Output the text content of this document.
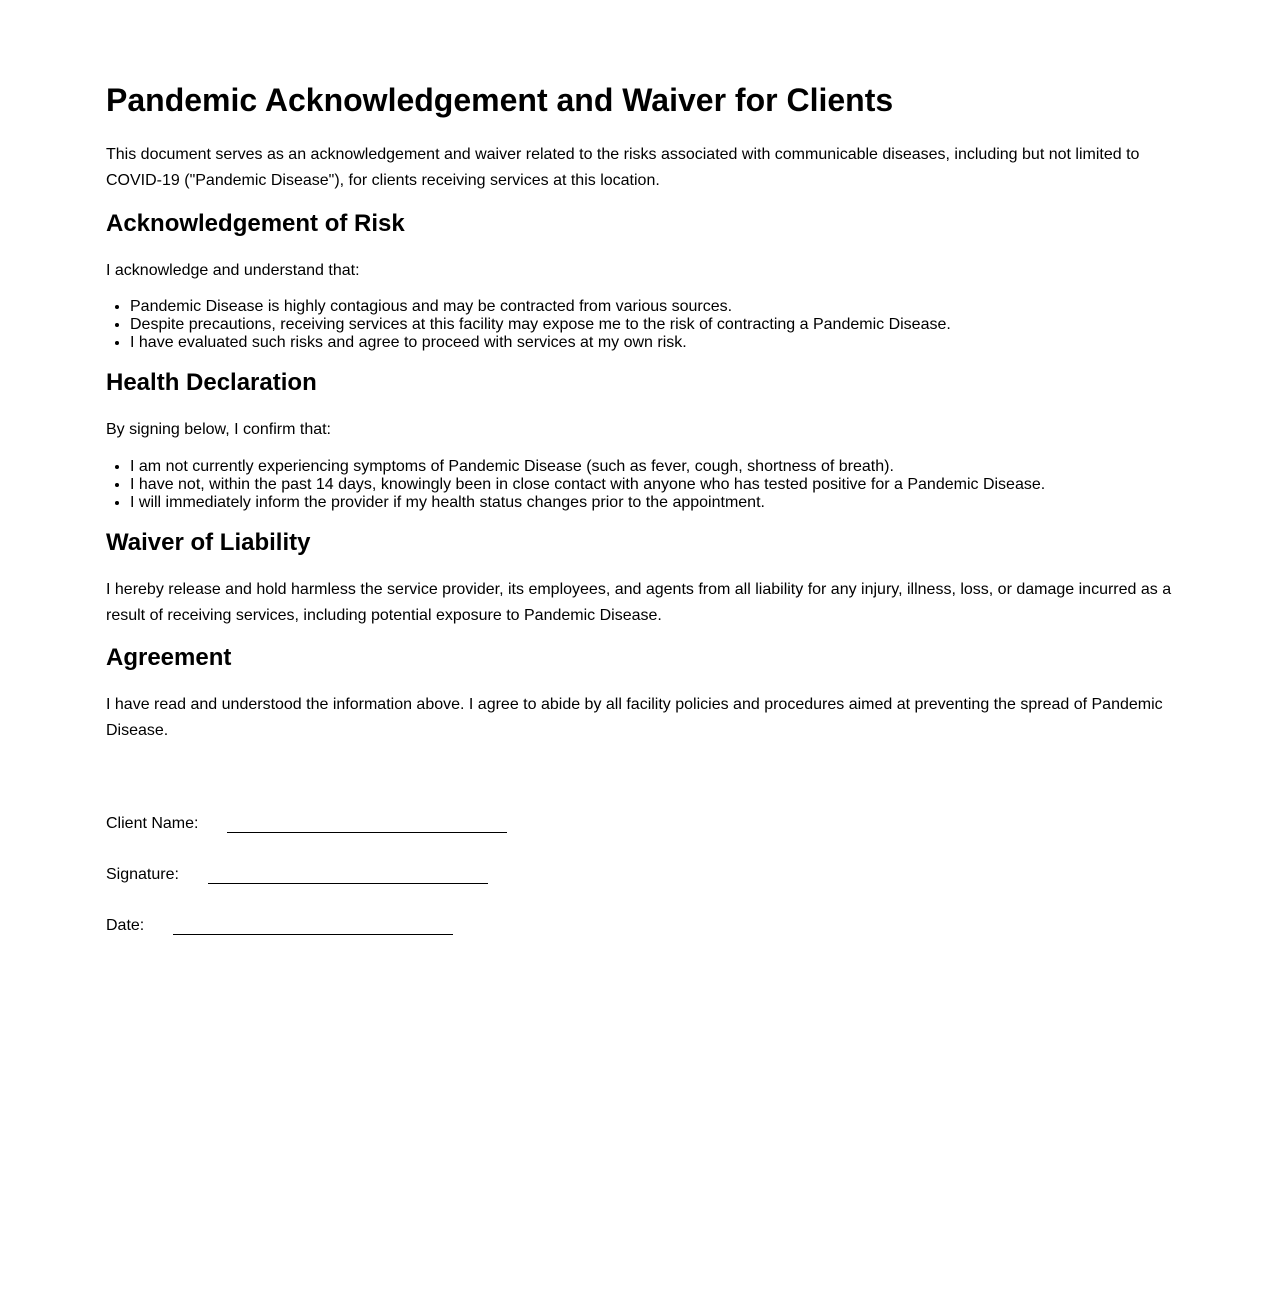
Pandemic Acknowledgement and Waiver for Clients

This document serves as an acknowledgement and waiver related to the risks associated with communicable diseases, including but not limited to COVID-19 ("Pandemic Disease"), for clients receiving services at this location.

Acknowledgement of Risk

I acknowledge and understand that:

• Pandemic Disease is highly contagious and may be contracted from various sources.
• Despite precautions, receiving services at this facility may expose me to the risk of contracting a Pandemic Disease.
• I have evaluated such risks and agree to proceed with services at my own risk.
Health Declaration

By signing below, I confirm that:

• I am not currently experiencing symptoms of Pandemic Disease (such as fever, cough, shortness of breath).
• I have not, within the past 14 days, knowingly been in close contact with anyone who has tested positive for a Pandemic Disease.
• I will immediately inform the provider if my health status changes prior to the appointment.
Waiver of Liability

I hereby release and hold harmless the service provider, its employees, and agents from all liability for any injury, illness, loss, or damage incurred as a result of receiving services, including potential exposure to Pandemic Disease.

Agreement

I have read and understood the information above. I agree to abide by all facility policies and procedures aimed at preventing the spread of Pandemic Disease.

Client Name:
Signature:
Date:
